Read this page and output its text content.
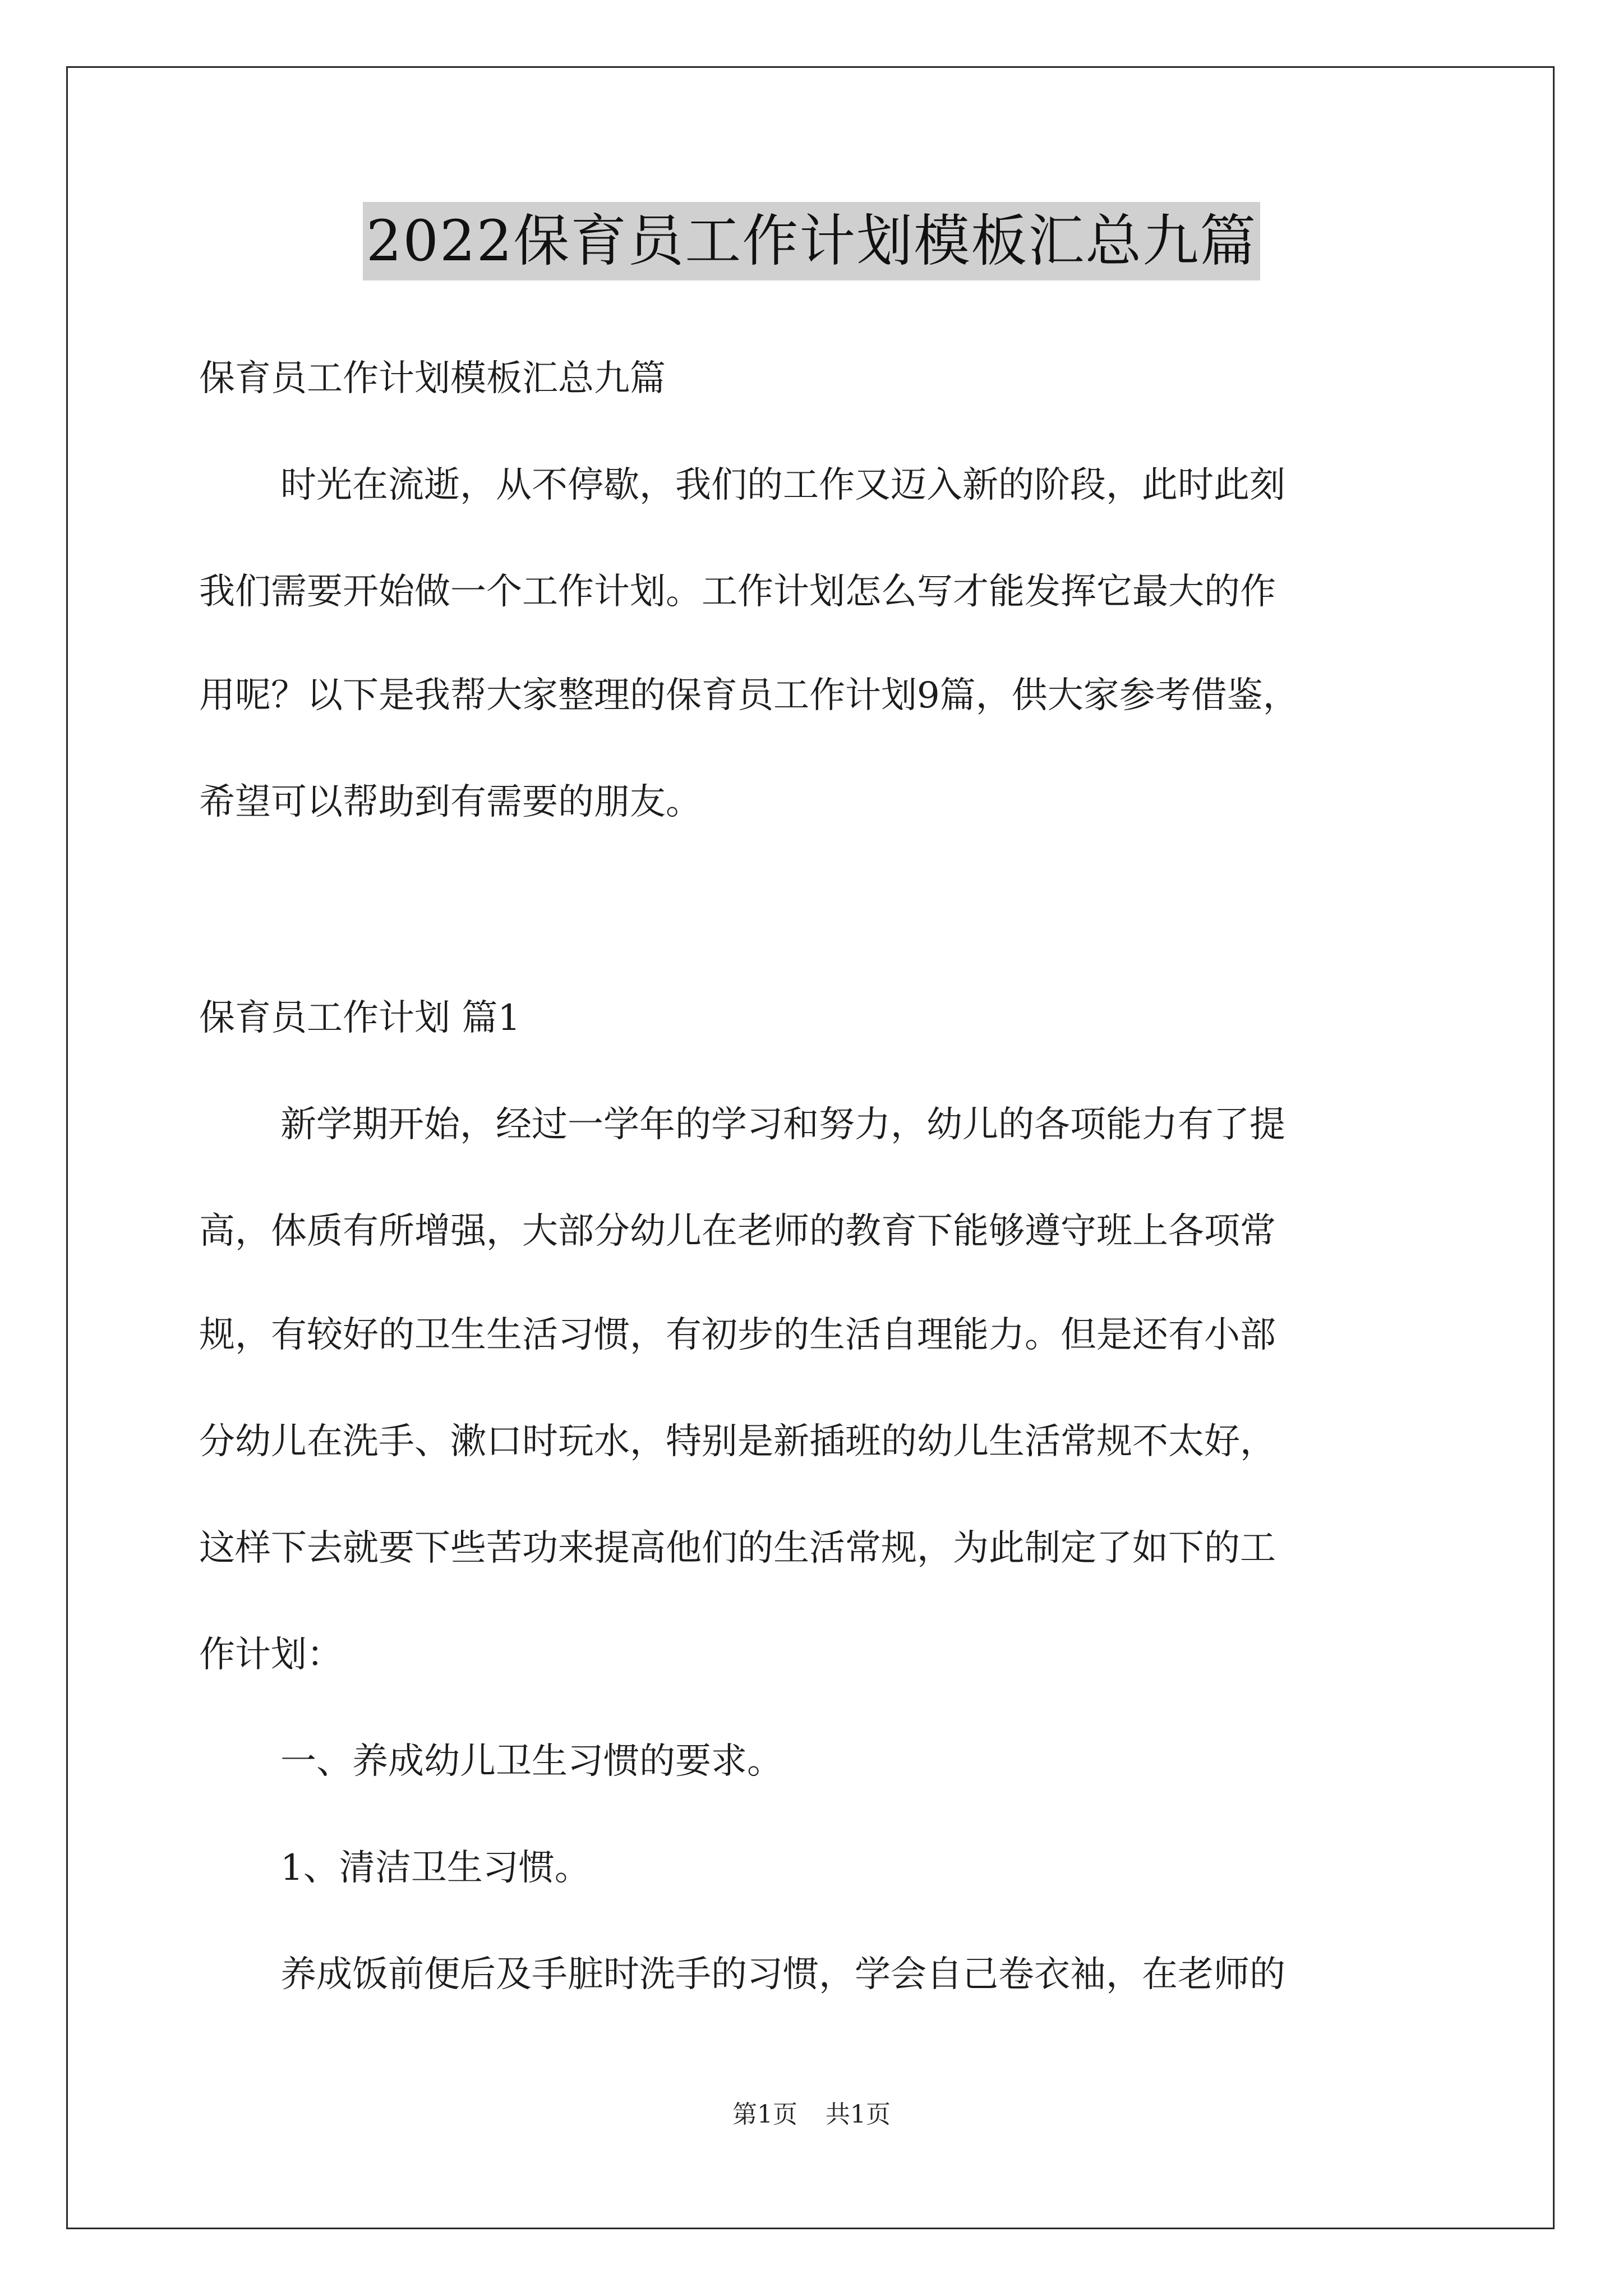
2022保育员工作计划模板汇总九篇
保育员工作计划模板汇总九篇
时光在流逝，从不停歇，我们的工作又迈入新的阶段，此时此刻
我们需要开始做一个工作计划。工作计划怎么写才能发挥它最大的作
用呢？以下是我帮大家整理的保育员工作计划9篇，供大家参考借鉴，
希望可以帮助到有需要的朋友。
保育员工作计划 篇1
新学期开始，经过一学年的学习和努力，幼儿的各项能力有了提
高，体质有所增强，大部分幼儿在老师的教育下能够遵守班上各项常
规，有较好的卫生生活习惯，有初步的生活自理能力。但是还有小部
分幼儿在洗手、漱口时玩水，特别是新插班的幼儿生活常规不太好，
这样下去就要下些苦功来提高他们的生活常规，为此制定了如下的工
作计划：
一、养成幼儿卫生习惯的要求。
1、清洁卫生习惯。
养成饭前便后及手脏时洗手的习惯，学会自己卷衣袖，在老师的
第1页 共1页
